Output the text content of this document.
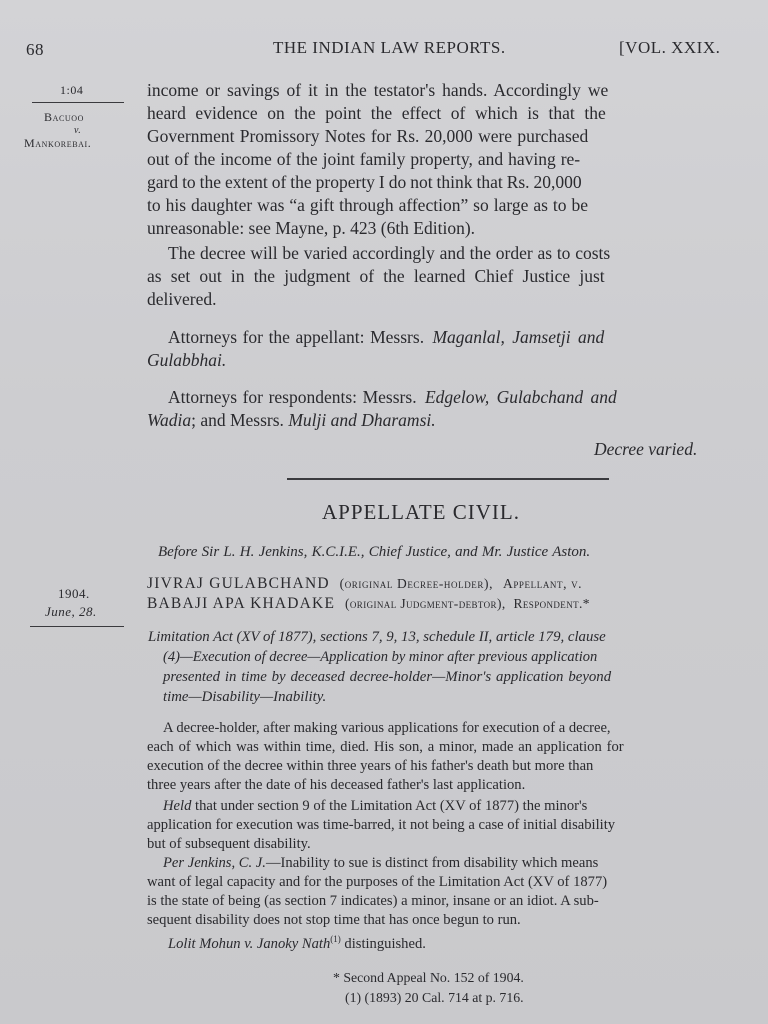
68	THE INDIAN LAW REPORTS.	[VOL. XXIX.
1:04
Bacuoo
v.
Mankorebai.
income or savings of it in the testator's hands. Accordingly we
heard evidence on the point the effect of which is that the
Government Promissory Notes for Rs. 20,000 were purchased
out of the income of the joint family property, and having re-
gard to the extent of the property I do not think that Rs. 20,000
to his daughter was “a gift through affection” so large as to be
unreasonable: see Mayne, p. 423 (6th Edition).
The decree will be varied accordingly and the order as to costs
as set out in the judgment of the learned Chief Justice just
delivered.
Attorneys for the appellant: Messrs. Maganlal, Jamsetji and
Gulabbhai.
Attorneys for respondents: Messrs. Edgelow, Gulabchand and
Wadia; and Messrs. Mulji and Dharamsi.
Decree varied.
APPELLATE CIVIL.
Before Sir L. H. Jenkins, K.C.I.E., Chief Justice, and Mr. Justice Aston.
1904.
June, 28.
JIVRAJ GULABCHAND (original Decree-holder), Appellant, v.
BABAJI APA KHADAKE (original Judgment-debtor), Respondent.*
Limitation Act (XV of 1877), sections 7, 9, 13, schedule II, article 179, clause
(4)—Execution of decree—Application by minor after previous application
presented in time by deceased decree-holder—Minor's application beyond
time—Disability—Inability.
A decree-holder, after making various applications for execution of a decree,
each of which was within time, died. His son, a minor, made an application for
execution of the decree within three years of his father's death but more than
three years after the date of his deceased father's last application.
Held that under section 9 of the Limitation Act (XV of 1877) the minor's
application for execution was time-barred, it not being a case of initial disability
but of subsequent disability.
Per Jenkins, C. J.—Inability to sue is distinct from disability which means
want of legal capacity and for the purposes of the Limitation Act (XV of 1877)
is the state of being (as section 7 indicates) a minor, insane or an idiot. A sub-
sequent disability does not stop time that has once begun to run.
Lolit Mohun v. Janoky Nath$^{(1)}$ distinguished.
* Second Appeal No. 152 of 1904.
(1) (1893) 20 Cal. 714 at p. 716.
